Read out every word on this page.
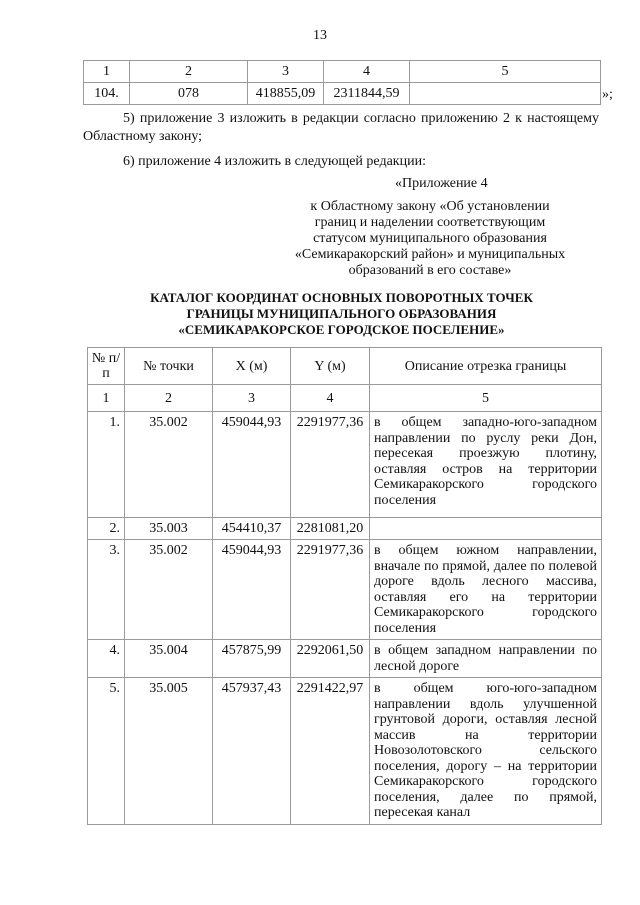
13
1	2	3	4	5
104.	078	418855,09	2311844,59		»;
5) приложение 3 изложить в редакции согласно приложению 2 к настоящему Областному закону;
6) приложение 4 изложить в следующей редакции:
«Приложение 4
к Областному закону «Об установлении
границ и наделении соответствующим
статусом муниципального образования
«Семикаракорский район» и муниципальных
образований в его составе»
КАТАЛОГ КООРДИНАТ ОСНОВНЫХ ПОВОРОТНЫХ ТОЧЕК
ГРАНИЦЫ МУНИЦИПАЛЬНОГО ОБРАЗОВАНИЯ
«СЕМИКАРАКОРСКОЕ ГОРОДСКОЕ ПОСЕЛЕНИЕ»
№ п/п	№ точки	X (м)	Y (м)	Описание отрезка границы
1	2	3	4	5
1.	35.002	459044,93	2291977,36	в общем западно-юго-западном направлении по руслу реки Дон, пересекая проезжую плотину, оставляя остров на территории Семикаракорского городского поселения
2.	35.003	454410,37	2281081,20	
3.	35.002	459044,93	2291977,36	в общем южном направлении, вначале по прямой, далее по полевой дороге вдоль лесного массива, оставляя его на территории Семикаракорского городского поселения
4.	35.004	457875,99	2292061,50	в общем западном направлении по лесной дороге
5.	35.005	457937,43	2291422,97	в общем юго-юго-западном направлении вдоль улучшенной грунтовой дороги, оставляя лесной массив на территории Новозолотовского сельского поселения, дорогу – на территории Семикаракорского городского поселения, далее по прямой, пересекая канал
